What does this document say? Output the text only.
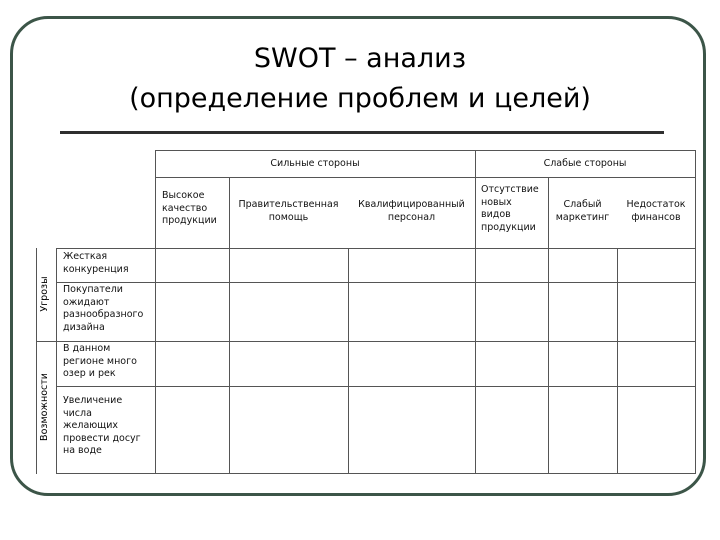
SWOT – анализ
(определение проблем и целей)
Сильные стороны	Слабые стороны
Высокое
качество
продукции
Правительственная
помощь
Квалифицированный
персонал
Отсутствие
новых
видов
продукции
Слабый
маркетинг
Недостаток
финансов
Угрозы
Возможности
Жесткая
конкуренция
Покупатели
ожидают
разнообразного
дизайна
В данном
регионе много
озер и рек
Увеличение
числа
желающих
провести досуг
на воде
